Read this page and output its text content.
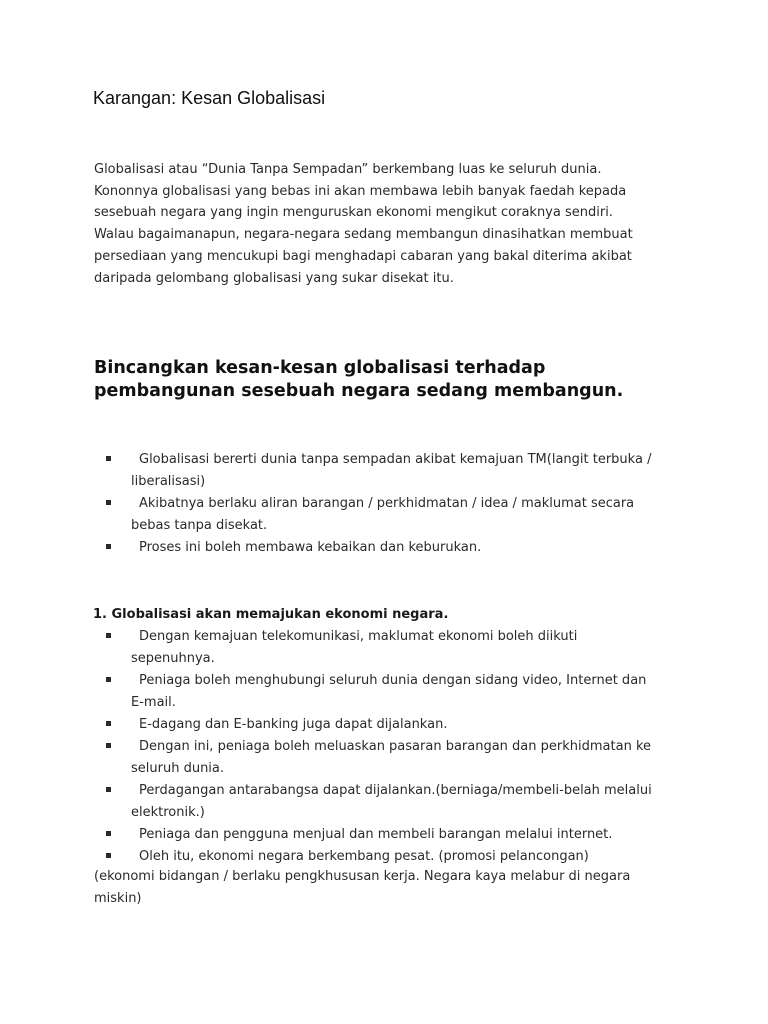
Karangan: Kesan Globalisasi

Globalisasi atau “Dunia Tanpa Sempadan” berkembang luas ke seluruh dunia.
Kononnya globalisasi yang bebas ini akan membawa lebih banyak faedah kepada
sesebuah negara yang ingin menguruskan ekonomi mengikut coraknya sendiri.
Walau bagaimanapun, negara-negara sedang membangun dinasihatkan membuat
persediaan yang mencukupi bagi menghadapi cabaran yang bakal diterima akibat
daripada gelombang globalisasi yang sukar disekat itu.

Bincangkan kesan-kesan globalisasi terhadap
pembangunan sesebuah negara sedang membangun.
Globalisasi bererti dunia tanpa sempadan akibat kemajuan TM(langit terbuka /
liberalisasi)
Akibatnya berlaku aliran barangan / perkhidmatan / idea / maklumat secara
bebas tanpa disekat.
Proses ini boleh membawa kebaikan dan keburukan.
1. Globalisasi akan memajukan ekonomi negara.
Dengan kemajuan telekomunikasi, maklumat ekonomi boleh diikuti
sepenuhnya.
Peniaga boleh menghubungi seluruh dunia dengan sidang video, Internet dan
E-mail.
E-dagang dan E-banking juga dapat dijalankan.
Dengan ini, peniaga boleh meluaskan pasaran barangan dan perkhidmatan ke
seluruh dunia.
Perdagangan antarabangsa dapat dijalankan.(berniaga/membeli-belah melalui
elektronik.)
Peniaga dan pengguna menjual dan membeli barangan melalui internet.
Oleh itu, ekonomi negara berkembang pesat. (promosi pelancongan)

(ekonomi bidangan / berlaku pengkhususan kerja. Negara kaya melabur di negara
miskin)
